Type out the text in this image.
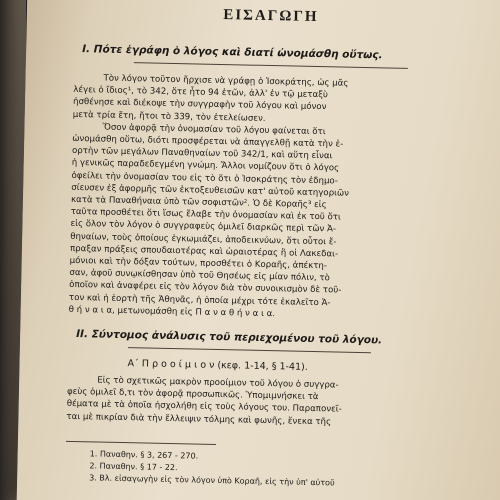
ΕΙΣΑΓΩΓΗ
Ι. Πότε ἐγράφη ὁ λόγος καὶ διατί ὠνομάσθη οὕτως.
Τὸν λόγον τοῦτον ἤρχισε νὰ γράφῃ ὁ Ἰσοκράτης, ὡς μᾶς
λέγει ὁ ἴδιος¹, τὸ 342, ὅτε ἦτο 94 ἐτῶν, ἀλλ' ἐν τῷ μεταξὺ
ἠσθένησε καὶ διέκοψε τὴν συγγραφὴν τοῦ λόγου καὶ μόνον
μετὰ τρία ἔτη, ἤτοι τὸ 339, τὸν ἐτελείωσεν.
Ὅσον ἀφορᾷ τὴν ὀνομασίαν τοῦ λόγου φαίνεται ὅτι
ὠνομάσθη οὕτω, διότι προσφέρεται νὰ ἀπαγγελθῇ κατὰ τὴν ἑ-
ορτὴν τῶν μεγάλων Παναθηναίων τοῦ 342/1, καὶ αὕτη εἶναι
ἡ γενικῶς παραδεδεγμένη γνώμη. Ἄλλοι νομίζουν ὅτι ὁ λόγος
ὀφείλει τὴν ὀνομασίαν του εἰς τὸ ὅτι ὁ Ἰσοκράτης τὸν ἐδημο-
σίευσεν ἐξ ἀφορμῆς τῶν ἐκτοξευθεισῶν κατ' αὐτοῦ κατηγοριῶν
κατὰ τὰ Παναθήναια ὑπὸ τῶν σοφιστῶν². Ὁ δὲ Κοραῆς³ εἰς
ταῦτα προσθέτει ὅτι ἴσως ἔλαβε τὴν ὀνομασίαν καὶ ἐκ τοῦ ὅτι
εἰς ὅλον τὸν λόγον ὁ συγγραφεὺς ὁμιλεῖ διαρκῶς περὶ τῶν Ἀ-
θηναίων, τοὺς ὁποίους ἐγκωμιάζει, ἀποδεικνύων, ὅτι οὗτοι ἔ-
πραξαν πράξεις σπουδαιοτέρας καὶ ὡραιοτέρας ἢ οἱ Λακεδαι-
μόνιοι καὶ τὴν δόξαν τούτων, προσθέτει ὁ Κοραῆς, ἀπέκτη-
σαν, ἀφοῦ συνῳκίσθησαν ὑπὸ τοῦ Θησέως εἰς μίαν πόλιν, τὸ
ὁποῖον καὶ ἀναφέρει εἰς τὸν λόγον διὰ τὸν συνοικισμὸν δὲ τοῦ-
τον καὶ ἡ ἑορτὴ τῆς Ἀθηνᾶς, ἡ ὁποία μέχρι τότε ἐκαλεῖτο Ἀ-
θ ή ν α ι α, μετωνομάσθη εἰς Π α ν α θ ή ν α ι α.
ΙΙ. Σύντομος ἀνάλυσις τοῦ περιεχομένου τοῦ λόγου.
Α΄ Π ρ ο ο ί μ ι ο ν (κεφ. 1-14, § 1-41).
Εἰς τὸ σχετικῶς μακρὸν προοίμιον τοῦ λόγου ὁ συγγρα-
φεὺς ὁμιλεῖ δ,τι τὸν ἀφορᾷ προσωπικῶς. Ὑπομιμνήσκει τὰ
θέματα μὲ τὰ ὁποῖα ἠσχολήθη εἰς τοὺς λόγους του. Παραπονεῖ-
ται μὲ πικρίαν διὰ τὴν ἔλλειψιν τόλμης καὶ φωνῆς, ἕνεκα τῆς
1. Παναθην. § 3, 267 - 270.
2. Παναθην. § 17 - 22.
3. Βλ. εἰσαγωγὴν εἰς τὸν λόγον ὑπὸ Κοραῆ, εἰς τὴν ὑπ' αὐτοῦ
